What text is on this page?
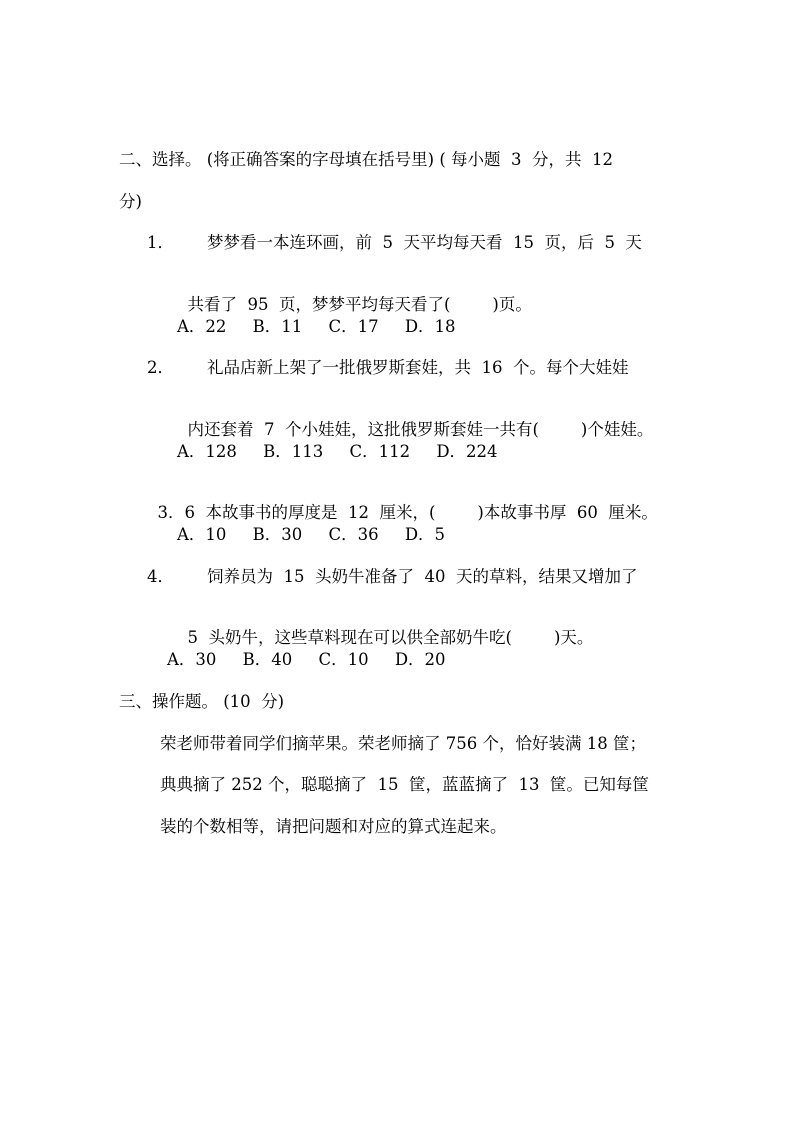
二、选择。 (将正确答案的字母填在括号里) ( 每小题  3  分，共  12
分)
1． 梦梦看一本连环画，前  5  天平均每天看  15  页，后  5  天

共看了  95  页，梦梦平均每天看了(	)页。

A．22     B．11     C．17     D．18
2． 礼品店新上架了一批俄罗斯套娃，共  16  个。每个大娃娃

内还套着  7  个小娃娃，这批俄罗斯套娃一共有(	)个娃娃。

A．128     B．113     C．112     D．224

3．6  本故事书的厚度是  12  厘米，(	)本故事书厚  60  厘米。

A．10     B．30     C．36     D．5
4． 饲养员为  15  头奶牛准备了  40  天的草料，结果又增加了

5  头奶牛，这些草料现在可以供全部奶牛吃(	)天。

A．30     B．40     C．10     D．20
三、操作题。 (10  分)
荣老师带着同学们摘苹果。荣老师摘了 756 个，恰好装满 18 筐；
典典摘了 252 个，聪聪摘了  15  筐，蓝蓝摘了  13  筐。已知每筐
装的个数相等，请把问题和对应的算式连起来。
